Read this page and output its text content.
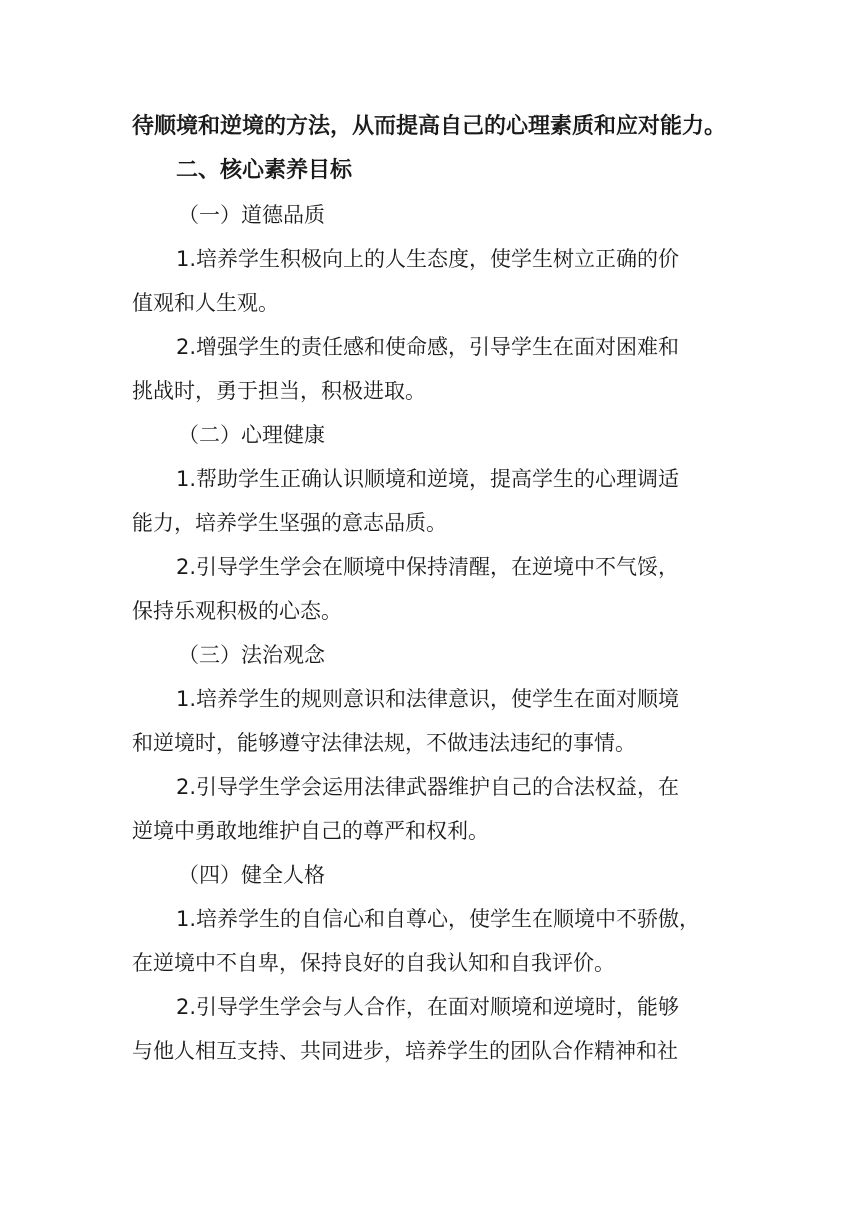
待顺境和逆境的方法，从而提高自己的心理素质和应对能力。

二、核心素养目标

（一）道德品质

1.培养学生积极向上的人生态度，使学生树立正确的价

值观和人生观。

2.增强学生的责任感和使命感，引导学生在面对困难和

挑战时，勇于担当，积极进取。

（二）心理健康

1.帮助学生正确认识顺境和逆境，提高学生的心理调适

能力，培养学生坚强的意志品质。

2.引导学生学会在顺境中保持清醒，在逆境中不气馁，

保持乐观积极的心态。

（三）法治观念

1.培养学生的规则意识和法律意识，使学生在面对顺境

和逆境时，能够遵守法律法规，不做违法违纪的事情。

2.引导学生学会运用法律武器维护自己的合法权益，在

逆境中勇敢地维护自己的尊严和权利。

（四）健全人格

1.培养学生的自信心和自尊心，使学生在顺境中不骄傲，

在逆境中不自卑，保持良好的自我认知和自我评价。

2.引导学生学会与人合作，在面对顺境和逆境时，能够

与他人相互支持、共同进步，培养学生的团队合作精神和社
